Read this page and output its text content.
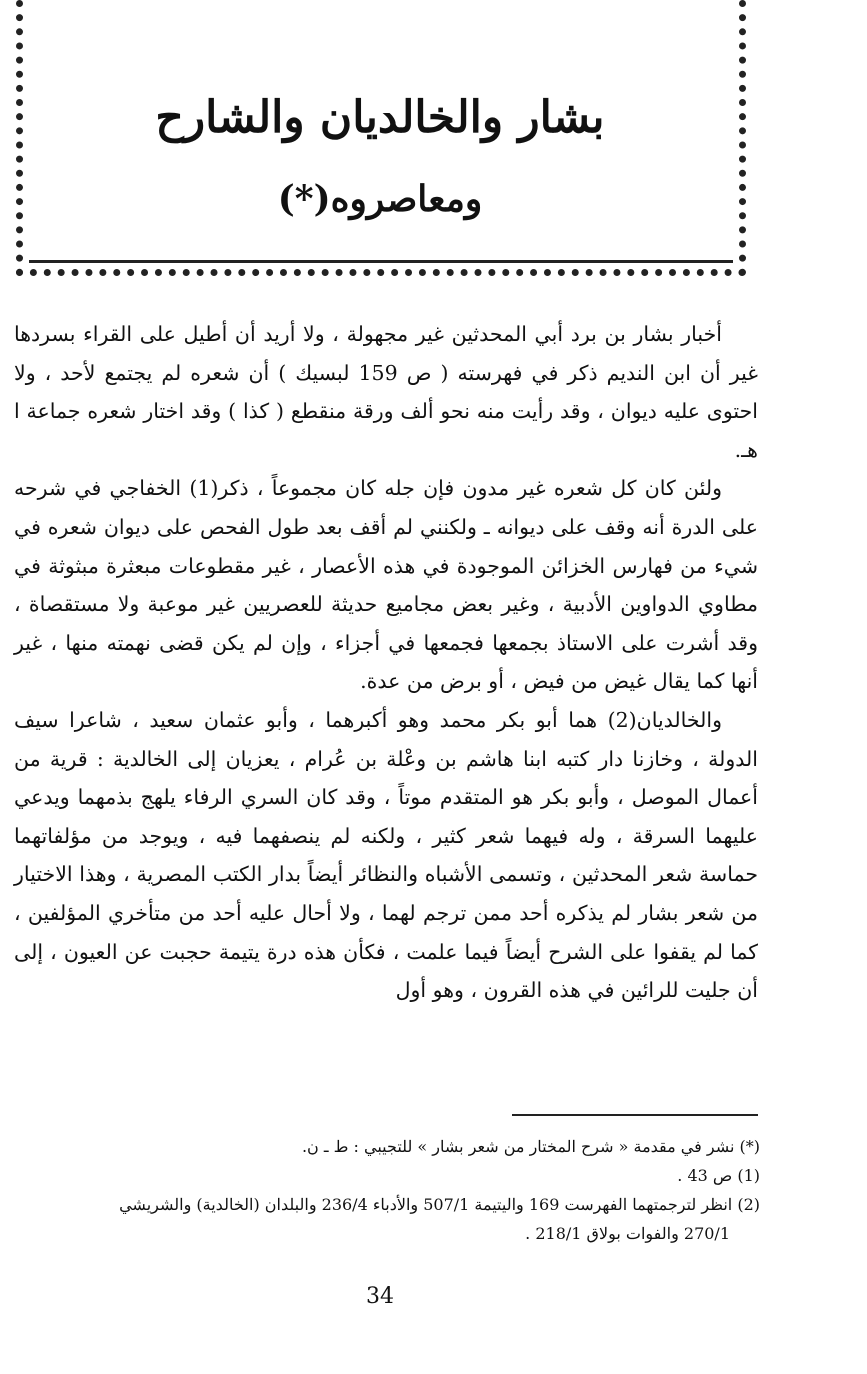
بشار والخالديان والشارح
ومعاصروه(*)

أخبار بشار بن برد أبي المحدثين غير مجهولة ، ولا أريد أن أطيل على القراء بسردها غير أن ابن النديم ذكر في فهرسته ( ص 159 لبسيك ) أن شعره لم يجتمع لأحد ، ولا احتوى عليه ديوان ، وقد رأيت منه نحو ألف ورقة منقطع ( كذا ) وقد اختار شعره جماعة ا هـ.

ولئن كان كل شعره غير مدون فإن جله كان مجموعاً ، ذكر(1) الخفاجي في شرحه على الدرة أنه وقف على ديوانه ـ ولكنني لم أقف بعد طول الفحص على ديوان شعره في شيء من فهارس الخزائن الموجودة في هذه الأعصار ، غير مقطوعات مبعثرة مبثوثة في مطاوي الدواوين الأدبية ، وغير بعض مجاميع حديثة للعصريين غير موعبة ولا مستقصاة ، وقد أشرت على الاستاذ بجمعها فجمعها في أجزاء ، وإن لم يكن قضى نهمته منها ، غير أنها كما يقال غيض من فيض ، أو برض من عدة.

والخالديان(2) هما أبو بكر محمد وهو أكبرهما ، وأبو عثمان سعيد ، شاعرا سيف الدولة ، وخازنا دار كتبه ابنا هاشم بن وعْلة بن عُرام ، يعزيان إلى الخالدية : قرية من أعمال الموصل ، وأبو بكر هو المتقدم موتاً ، وقد كان السري الرفاء يلهج بذمهما ويدعي عليهما السرقة ، وله فيهما شعر كثير ، ولكنه لم ينصفهما فيه ، ويوجد من مؤلفاتهما حماسة شعر المحدثين ، وتسمى الأشباه والنظائر أيضاً بدار الكتب المصرية ، وهذا الاختيار من شعر بشار لم يذكره أحد ممن ترجم لهما ، ولا أحال عليه أحد من متأخري المؤلفين ، كما لم يقفوا على الشرح أيضاً فيما علمت ، فكأن هذه درة يتيمة حجبت عن العيون ، إلى أن جليت للرائين في هذه القرون ، وهو أول

(*) نشر في مقدمة « شرح المختار من شعر بشار » للتجيبي : ط ـ ن.

(1) ص 43 .

(2) انظر لترجمتهما الفهرست 169 واليتيمة 507/1 والأدباء 236/4 والبلدان (الخالدية) والشريشي

270/1 والفوات بولاق 218/1 .

34
